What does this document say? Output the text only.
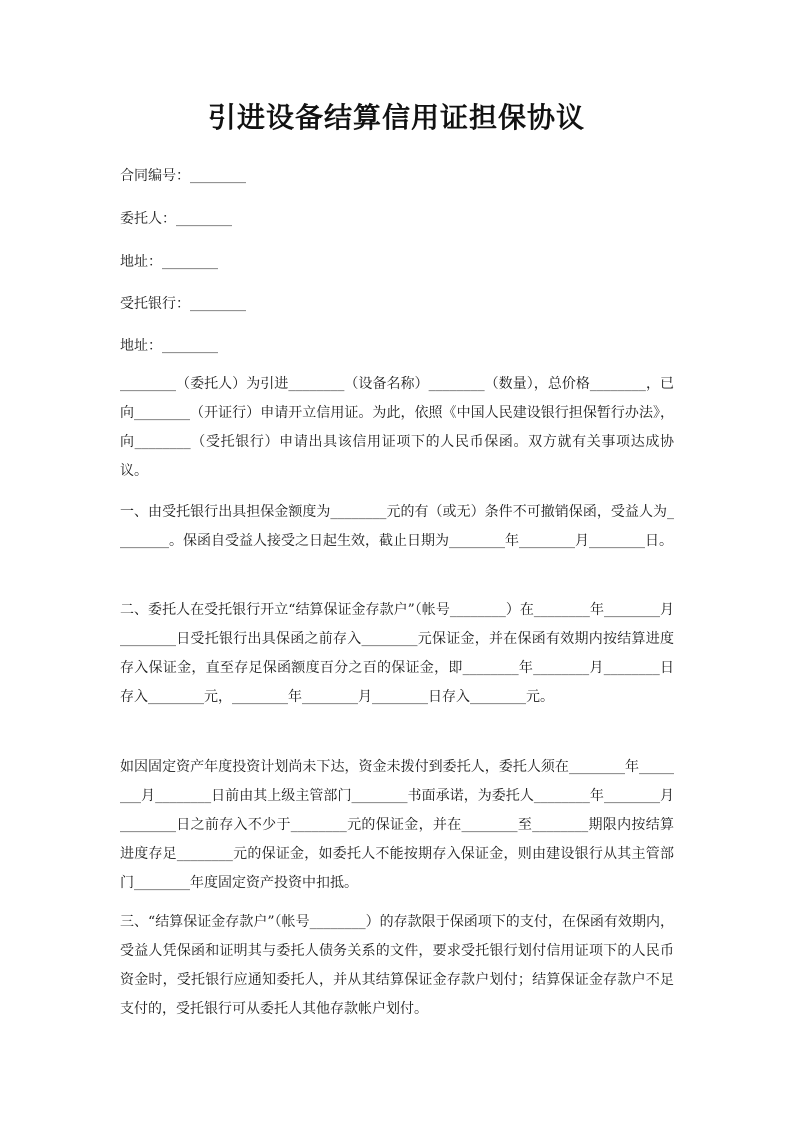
引进设备结算信用证担保协议
合同编号：________
委托人：________
地址：________
受托银行：________
地址：________

________（委托人）为引进________（设备名称）________（数量），总价格________，已向________（开证行）申请开立信用证。为此，依照《中国人民建设银行担保暂行办法》，向________（受托银行）申请出具该信用证项下的人民币保函。双方就有关事项达成协议。

一、由受托银行出具担保金额度为________元的有（或无）条件不可撤销保函，受益人为________。保函自受益人接受之日起生效，截止日期为________年________月________日。

二、委托人在受托银行开立“结算保证金存款户”（帐号________）在________年________月________日受托银行出具保函之前存入________元保证金，并在保函有效期内按结算进度存入保证金，直至存足保函额度百分之百的保证金，即________年________月________日存入________元，________年________月________日存入________元。

如因固定资产年度投资计划尚未下达，资金未拨付到委托人，委托人须在________年________月________日前由其上级主管部门________书面承诺，为委托人________年________月________日之前存入不少于________元的保证金，并在________至________期限内按结算进度存足________元的保证金，如委托人不能按期存入保证金，则由建设银行从其主管部门________年度固定资产投资中扣抵。

三、“结算保证金存款户”（帐号________）的存款限于保函项下的支付，在保函有效期内，受益人凭保函和证明其与委托人债务关系的文件，要求受托银行划付信用证项下的人民币资金时，受托银行应通知委托人，并从其结算保证金存款户划付；结算保证金存款户不足支付的，受托银行可从委托人其他存款帐户划付。
